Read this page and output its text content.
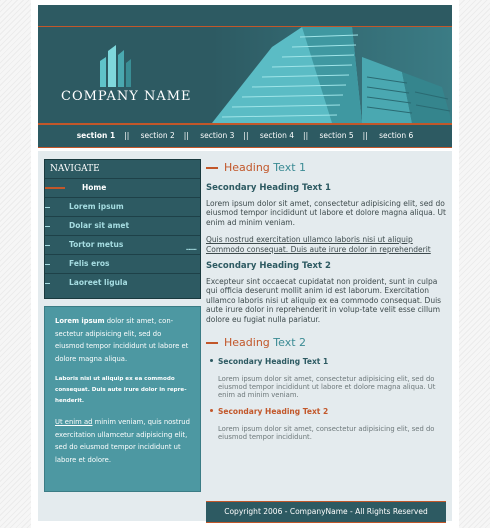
COMPANY NAME
section 1 || section 2 || section 3 || section 4 || section 5 || section 6
NAVIGATE
Home
Lorem ipsum
Dolar sit amet
Tortor metus	........
Felis eros
Laoreet ligula

Lorem ipsum dolor sit amet, con-sectetur adipisicing elit, sed do eiusmod tempor incididunt ut labore et dolore magna aliqua.

Laboris nisi ut aliquip ex ea commodo consequat. Duis aute irure dolor in repre-henderit.

Ut enim ad minim veniam, quis nostrud exercitation ullamcetur adipisicing elit, sed do eiusmod tempor incididunt ut labore et dolore.

Heading Text 1
Secondary Heading Text 1

Lorem ipsum dolor sit amet, consectetur adipisicing elit, sed do eiusmod tempor incididunt ut labore et dolore magna aliqua. Ut enim ad minim veniam.

Quis nostrud exercitation ullamco laboris nisi ut aliquip Commodo consequat. Duis aute irure dolor in reprehenderit

Secondary Heading Text 2

Excepteur sint occaecat cupidatat non proident, sunt in culpa qui officia deserunt mollit anim id est laborum. Exercitation ullamco laboris nisi ut aliquip ex ea commodo consequat. Duis aute irure dolor in reprehenderit in volup-tate velit esse cillum dolore eu fugiat nulla pariatur.

Heading Text 2
Secondary Heading Text 1

Lorem ipsum dolor sit amet, consectetur adipisicing elit, sed do eiusmod tempor incididunt ut labore et dolore magna aliqua. Ut enim ad minim veniam.

Secondary Heading Text 2

Lorem ipsum dolor sit amet, consectetur adipisicing elit, sed do eiusmod tempor incididunt.

Copyright 2006 - CompanyName - All Rights Reserved
